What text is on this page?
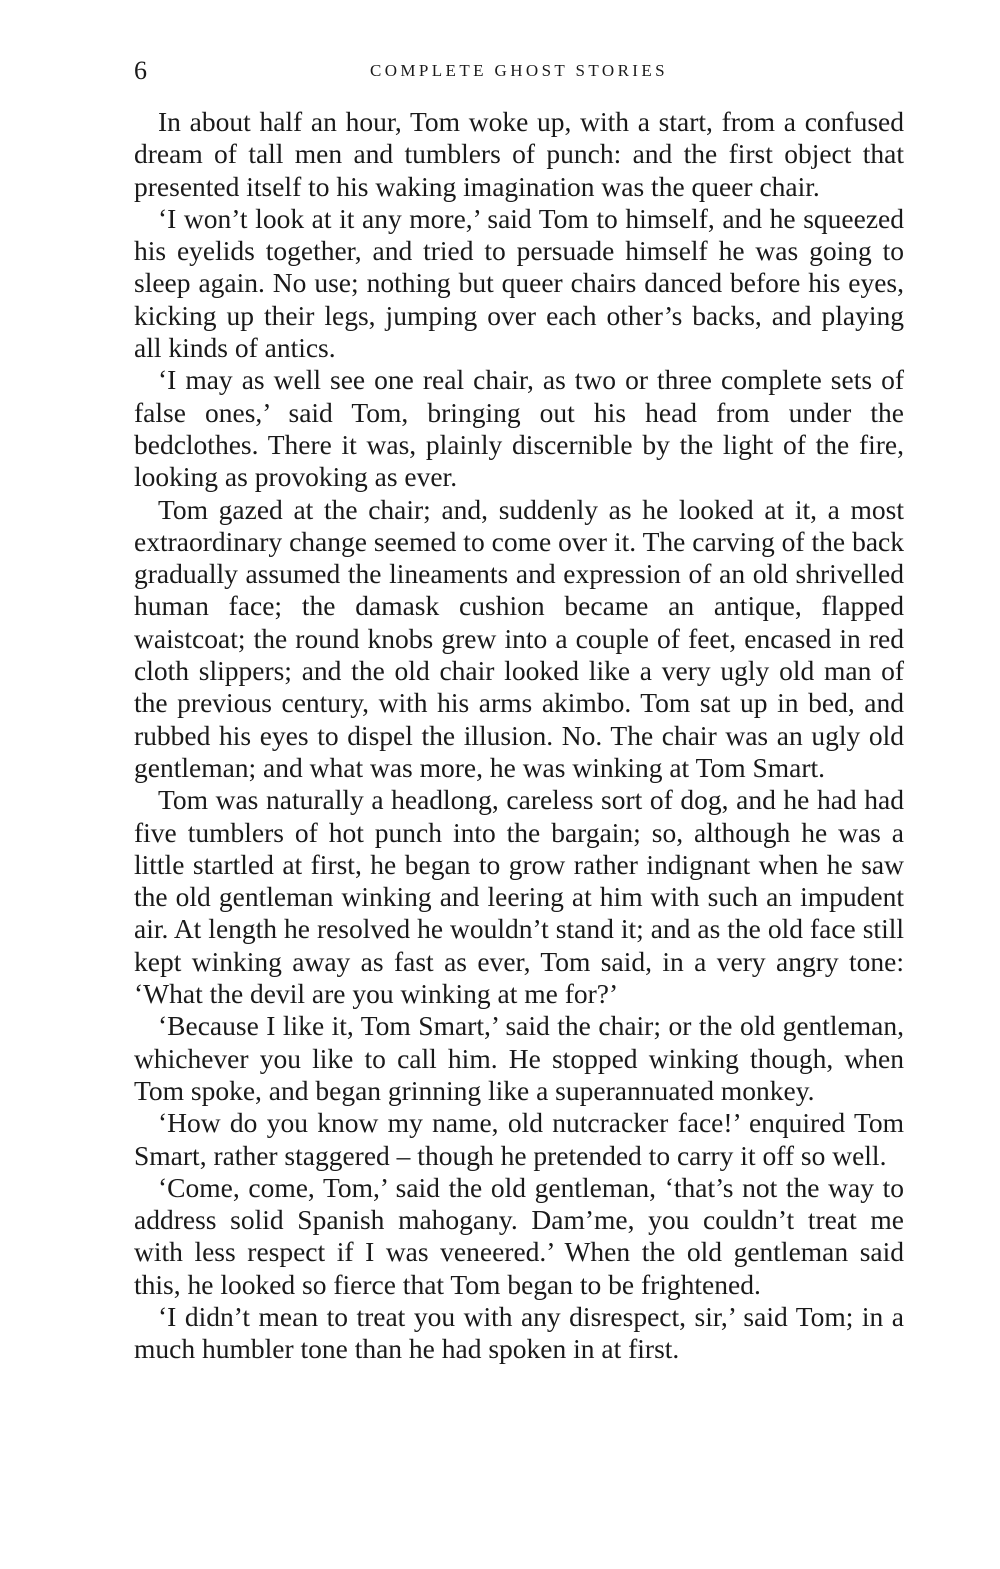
6	COMPLETE GHOST STORIES

In about half an hour, Tom woke up, with a start, from a confused dream of tall men and tumblers of punch: and the first object that presented itself to his waking imagination was the queer chair.

‘I won’t look at it any more,’ said Tom to himself, and he squeezed his eyelids together, and tried to persuade himself he was going to sleep again. No use; nothing but queer chairs danced before his eyes, kicking up their legs, jumping over each other’s backs, and playing all kinds of antics.

‘I may as well see one real chair, as two or three complete sets of false ones,’ said Tom, bringing out his head from under the bedclothes. There it was, plainly discernible by the light of the fire, looking as provoking as ever.

Tom gazed at the chair; and, suddenly as he looked at it, a most extraordinary change seemed to come over it. The carving of the back gradually assumed the lineaments and expression of an old shrivelled human face; the damask cushion became an antique, flapped waistcoat; the round knobs grew into a couple of feet, encased in red cloth slippers; and the old chair looked like a very ugly old man of the previous century, with his arms akimbo. Tom sat up in bed, and rubbed his eyes to dispel the illusion. No. The chair was an ugly old gentleman; and what was more, he was winking at Tom Smart.

Tom was naturally a headlong, careless sort of dog, and he had had five tumblers of hot punch into the bargain; so, although he was a little startled at first, he began to grow rather indignant when he saw the old gentleman winking and leering at him with such an impudent air. At length he resolved he wouldn’t stand it; and as the old face still kept winking away as fast as ever, Tom said, in a very angry tone: ‘What the devil are you winking at me for?’

‘Because I like it, Tom Smart,’ said the chair; or the old gentleman, whichever you like to call him. He stopped winking though, when Tom spoke, and began grinning like a superannuated monkey.

‘How do you know my name, old nutcracker face!’ enquired Tom Smart, rather staggered – though he pretended to carry it off so well.

‘Come, come, Tom,’ said the old gentleman, ‘that’s not the way to address solid Spanish mahogany. Dam’me, you couldn’t treat me with less respect if I was veneered.’ When the old gentleman said this, he looked so fierce that Tom began to be frightened.

‘I didn’t mean to treat you with any disrespect, sir,’ said Tom; in a much humbler tone than he had spoken in at first.
